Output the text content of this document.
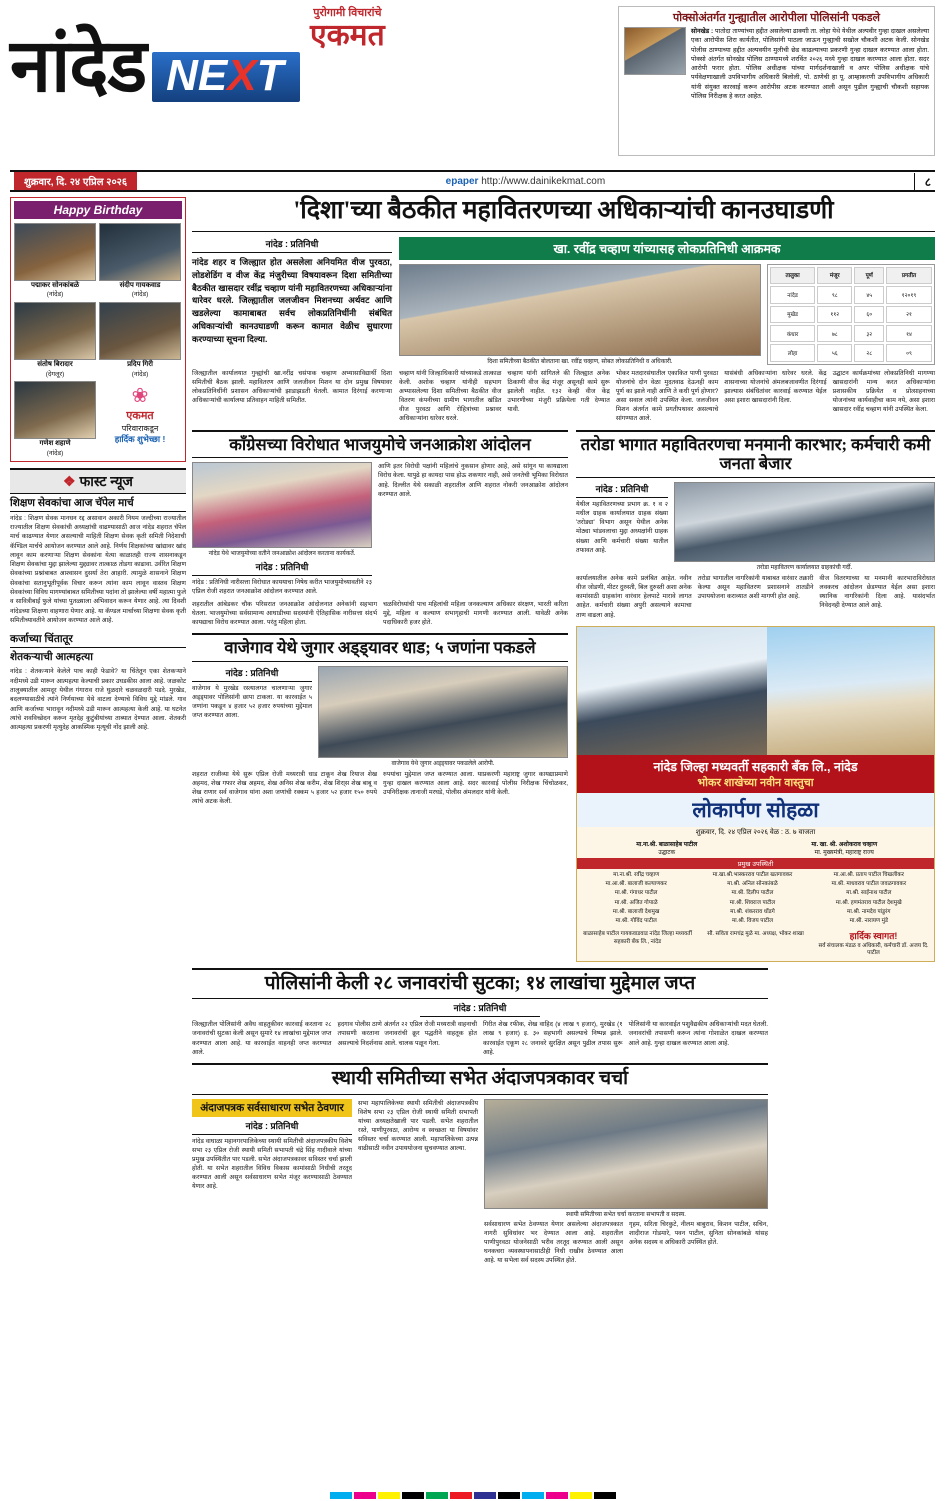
पुरोगामी विचारांचे
एकमत
नांदेड NEXT
पोक्सोअंतर्गत गुन्ह्यातील आरोपीला पोलिसांनी पकडले
सोनखेड : पातोदा ताण्यांच्या हद्दीत असलेल्या ढाक्याी ता. लोहा येथे येथील अल्पवीर गुन्हा दाखल असलेल्या एका आरोपीस शिरा कार्यतीत, पोलिसांनी पाठला जाऊन गुन्ह्याची सखोल चौकशी अटक केली. सोनखेड पोलीस ठाण्याच्या हद्दीत अल्पवयीन मुलीची छेड काढल्याच्या प्रकरणी गुन्हा दाखल करण्यात आला होता. पोक्सो अंतर्गत सोनखेड पोलिस ठाण्यामध्ये शरविंत २०२६ मध्ये गुन्हा दाखल करण्यात आला होता. सदर आरोपी फरार होता. पोलिस अधीक्षक यांच्या मार्गदर्शनाखाली व अपर पोलिस अधीक्षक यांचे पर्यवेक्षणाखाली उपविभागीय अधिकारी बिलोली, पो. ठाणेची हा पू. आम्हाकरणी उपविभागीय अधिकारी यांनी संयुक्त कारवाई करून आरोपीस अटक करण्यात आली असून पुढील गुन्ह्याची चौकशी सहायक पोलिस निरीक्षक हे करत आहेत.
शुक्रवार, दि. २४ एप्रिल २०२६	epaper http://www.dainikekmat.com	८
Happy Birthday
पद्माकर सोनकांबळे
(नांदेड)
संदीप गायकवाड
(नांदेड)
संतोष बिरादार
(देगलूर)
प्रदिप गिरी
(नांदेड)
गणेश शहाणे
(नांदेड)
❀
एकमत
परिवाराकडून
हार्दिक शुभेच्छा !
❖ फास्ट न्यूज
शिक्षण सेवकांचा आज चॅपेल मार्च
नांदेड : शिक्षण सेवक मानधन रद्द असावान अकारी नियम जल्दीच्या राज्यातील राज्यातील शिक्षण सेवकांची अध्यक्षांची वाढण्यासाठी आज नांदेड शहरात चॅपेल मार्च काढण्यात येणार असल्याची माहिती शिक्षण सेवक कृती समिती निदेशाची कॅण्डिल मार्चचे आयोजन करण्यात आले आहे. निर्णय शिक्षकांच्या खांद्यावर खांद लावून काम करणाऱ्या शिक्षण सेवकांना येत्या काळातही राज्य शासनाकडून शिक्षण सेवकांचा मुद्दा झालेल्या मुद्द्यावर तात्काळ तोडगा काढावा. उर्वरित शिक्षण सेवकांच्या प्रश्नांबाबत आश्वासन दुसर्या तेरा आहारी. त्यामुळे शासनाने शिक्षण सेवकांचा सतानुभूतीपूर्वक विचार करून त्यांना काम लावून वास्तव शिक्षण सेवकांच्या विविध मागण्यांबाबत समितीच्या पदांना तो झालेल्या वर्षी महात्मा फुले व सावित्रीबाईं फुले यांच्या पुतळ्याला अभिवादन करून येणार आहे. त्या दिवशी नांदेडच्या शिक्षणा वाहणारा येणार आहे. या कॅण्डल मार्चाच्या शिक्षणा सेवक कृती समितीच्यावतीने आयोजन करण्यात आले आहे.
कर्जाच्या चिंतातूर
शेतकऱ्याची आत्महत्या
नांदेड : शेतकऱ्याने केलेले पाच काही फेडावे? या चिंतेतून एका शेतकऱ्याने नदीमध्ये उडी मारून आत्महत्या केल्याची प्रकार उघडकीस आला आहे. जळकोट तालुक्यातील आमदूर येथील गंगाराव राजे घुळदारे चळवळदारी पडदे. मुरखेड, बदलण्यासाठीचे त्यांने निर्णयाच्या येथे वाटला देण्याचे विविध मुद्दे मांडले. गाव आणि कर्जाच्या भारावून नदीमध्ये उडी मारून आत्महत्या केली आहे. या घटनेत त्यांचे शवविच्छेदन करून मृतदेह कुटुंबीयांच्या ताब्यात देण्यात आला. शेतकरी आत्महत्या प्रकरणी मृत्युदेह आकस्मिक मृत्यूची नोंद झाली आहे.
'दिशा'च्या बैठकीत महावितरणच्या अधिकाऱ्यांची कानउघाडणी
नांदेड : प्रतिनिधी
नांदेड शहर व जिल्ह्यात होत असलेला अनियमित वीज पुरवठा, लोडशेडिंग व वीज केंद्र मंजुरीच्या विषयावरून दिशा समितीच्या बैठकीत खासदार रवींद्र चव्हाण यांनी महावितरणच्या अधिकाऱ्यांना धारेवर धरले. जिल्ह्यातील जलजीवन मिशनच्या अर्थवट आणि खडलेल्या कामाबाबत सर्वच लोकप्रतिनिधींनी संबंधित अधिकाऱ्यांची कानउघाडणी करून कामात वेळीच सुधारणा करण्याच्या सूचना दिल्या.
खा. रवींद्र चव्हाण यांच्यासह लोकप्रतिनिधी आक्रमक
दिशा समितीच्या बैठकीत बोलताना खा. रवींद्र चव्हाण, सोबत लोकप्रतिनिधी व अधिकारी.
तालुका	मंजूर	पूर्ण	प्रगतीत
नांदेड	९८	४५	१२०१९
मुखेड	११२	६०	२१
कंधार	७८	३२	१४
लोहा	५६	२८	०९
जिल्ह्यातील कार्यालयात गुन्ह्यांची खा.नरींद्र चसंपाक चव्हाण अभ्यासाविद्यार्थी दिशा समितीची बैठक झाली. महावितरण आणि जलजीवन मिशन या दोन प्रमुख विषयावर लोकप्रतिनिधींनी प्रशासन अधिकाऱ्यांची झाडाझडती घेतली. कामात दिरंगाई करणाऱ्या अधिकाऱ्यांची कार्यालया प्रतिवाहन माहिती समितीत.
चव्हाण यांनी जिल्हाधिकारी यांच्याकडे तात्काळ केली. अशोक चव्हाण यांनीही सहभाग अभ्यासलेल्या दिशा समितीच्या बैठकीत वीज वितरण कंपनीच्या ग्रामीण भागातील खंडित वीज पुरवठा आणि रोहित्रांच्या प्रश्नावर अधिकाऱ्यांना धारेवर धरले.
चव्हाण यांनी सांगितले की जिल्ह्यात अनेक ठिकाणी वीज केंद्र मंजूर असूनही कामे सुरू झालेली नाहीत. १३२ केव्ही वीज केंद्र उभारणीच्या मंजुरी प्रक्रियेला गती देण्यात यावी.
भोकर मतदारसंघातील एकाकित पाणी पुरवठा योजनांचे दोन वेळा मुदतवाढ देऊनही काम पूर्ण का झाले नाही आणि ते कधी पूर्ण होणार? असा सवाल त्यांनी उपस्थित केला. जलजीवन मिशन अंतर्गत कामे प्रगतीपथावर असल्याचे सांगण्यात आले.
यासंबंधी अधिकाऱ्यांना धारेवर धरले. केंद्र शासनाच्या योजनांचे अंमलबजावणीत दिरंगाई झाल्यास संबंधितांवर कारवाई करण्यात येईल असा इशारा खासदारांनी दिला.
उद्घाटन कार्यक्रमांच्या लोकप्रतिनिधी मागण्या खासदारांनी मान्य करत अधिकाऱ्यांना प्रशासकीय प्रक्रियेत व प्रोत्साहनाच्या योजनांच्या कार्यवाहीचा काम नये, असा इशारा खासदार रवींद्र चव्हाण यांनी उपस्थित केला.
काँग्रेसच्या विरोधात भाजयुमोचे जनआक्रोश आंदोलन
नांदेड येथे भाजयुमोच्या वतीने जनआक्रोश आंदोलन करताना कार्यकर्ते.
नांदेड : प्रतिनिधी
नांदेड : प्रतिनिधी नारीसत्ता विरोधात काययाचा निषेध करीत भाजयुमोच्यावतीने २३ एप्रिल रोजी शहरात जनआक्रोश आंदोलन करण्यात आले.
आणि इतर विरोधी पक्षांनी महिलांचे नुकसान होणार आहे, असे सांगून या कायद्याला विरोध केला. यापुढे हा कायदा पास होऊ शकणार नाही, असे जनतेची भूमिका विरोधात आहे. दिल्लीत येथे सकाळी शहरातील आणि शहरात नोकरी जनआक्रोश आंदोलन करण्यात आले.
शहरातील आंबेडकर चौक परिसरात जनआक्रोश आंदोलनात अनेकांनी सहभाग घेतला. भाजयुमोच्या सर्वसामान्य आघाडीच्या सदस्यांनी ऐतिहासिक नारीसत्ता संदर्भ कायद्याचा विरोध करण्यात आला. परंतु महिला होता.
चळविरोध्यांची पाच महिलांची महिला जनकल्याण अधिकार संरक्षण, भारती करिता मुद्दे, महिला व कल्याण सभागृहाची मागणी करण्यात आली. यावेळी अनेक पदाधिकारी हजर होते.
वाजेगाव येथे जुगार अड्ड्यावर धाड; ५ जणांना पकडले
नांदेड : प्रतिनिधी
वाजेगाव ये मुरखेड रस्त्यालगत चालणाऱ्या जुगार अड्ड्यावर पोलिसांनी छापा टाकला. या कारवाईत ५ जणांना पकडून ४ हजार ५२ हजार रुपयांच्या मुद्देमाल जप्त करण्यात आला.
वाजेगाव येथे जुगार अड्ड्यावर पकडलेले आरोपी.
शहरात राजीव्या येथे सुरू एप्रिल रोजी मध्यरात्री धाड टाकून शेख रियाज शेख अहमद, शेख गफार शेख अहमद, शेख अनिस शेख करीम, शेख शिरा्स शेख बाबू व शेख राणार सर्व वाजेगाव यांना अशा जणांची रक्कम ५ हजार ५२ हजार १५० रुपये त्यांचे अटक केली.
रुपयांचा मुद्देमाल जप्त करण्यात आला. याप्रकरणी महाराष्ट्र जुगार कायद्याप्रमाणे गुन्हा दाखल करण्यात आला आहे. सदर कारवाई पोलीस निरीक्षक चिंचोळकर, उपनिरीक्षक तानाजी मरघडे, पोलीस अंमलदार यांनी केली.
तरोडा भागात महावितरणचा मनमानी कारभार; कर्मचारी कमी जनता बेजार
नांदेड : प्रतिनिधी
येथील महावितरणच्या प्रभाग क्र. १ व २ मधील ग्राहक कार्यालयात ग्राहक संख्या 'तरोड्या' विभाग असून येथील अनेक मोठ्या भांडवलाचा मुद्दा अध्यक्षांनी ग्राहक संख्या आणि कर्मचारी संख्या यातील तफावत आहे.
तरोडा महावितरण कार्यालयात ग्राहकांची गर्दी.
कार्यालयातील अनेक कामे प्रलंबित आहेत. नवीन वीज जोडणी, मीटर दुरुस्ती, बिल दुरुस्ती अशा अनेक कामांसाठी ग्राहकांना वारंवार हेलपाटे मारावे लागत आहेत. कर्मचारी संख्या अपुरी असल्याने कामाचा ताण वाढला आहे.
तरोडा भागातील नागरिकांनी याबाबत वारंवार तक्रारी केल्या असून महावितरण प्रशासनाने तातडीने उपाययोजना कराव्यात अशी मागणी होत आहे.
वीज वितरणाच्या या मनमानी कारभाराविरोधात लवकरच आंदोलन छेडण्यात येईल असा इशारा स्थानिक नागरिकांनी दिला आहे. यासंदर्भात निवेदनही देण्यात आले आहे.
नांदेड जिल्हा मध्यवर्ती सहकारी बँक लि., नांदेड
भोकर शाखेच्या नवीन वास्तुचा
लोकार्पण सोहळा
शुक्रवार, दि. २४ एप्रिल २०२६ वेळ : ठ. ७ वाजता
मा.ना.श्री. बाळासाहेब पाटील
उद्घाटक
मा. खा. श्री. अशोकराव चव्हाण
मा. मुख्यमंत्री, महाराष्ट्र राज्य
प्रमुख उपस्थिती
मा.ना.श्री. रवींद्र चव्हाण	मा.खा.श्री.भास्करराव पाटील खतगावकर	मा.आ.श्री. प्रताप पाटील चिखलीकर
मा.आ.श्री. बालाजी कल्याणकर	मा.श्री. अनिल सोनकांबळे	मा.श्री. माधवराव पाटील जवळगावकर
मा.श्री. गंगाधर पाटील	मा.श्री. दिलीप पाटील	मा.श्री. साईनाथ पाटील
मा.श्री. अजित गोपाळे	मा.श्री. शिवराज पाटील	मा.श्री. हणमंतराव पाटील देशमुखे
मा.श्री. बालाजी देशमुख	मा.श्री. शंकरराव धोंडगे	मा.श्री. नामदेव पांडुरंग
मा.श्री. गोविंद पाटील	मा.श्री. विजय पाटील	मा.श्री. नारायण मुंडे
बाळासाहेब पाटील गायकवाडवाड नांदेड जिल्हा मध्यवर्ती सहकारी बँक लि., नांदेड
सौ. सविता रामचंद्र मुळे मा. अध्यक्ष, भोकर शाखा	हार्दिक स्वागत!
सर्व संचालक मंडळ व अधिकारी, कर्मचारी डॉ. अजय दि. पाटील
पोलिसांनी केली २८ जनावरांची सुटका; १४ लाखांचा मुद्देमाल जप्त
नांदेड : प्रतिनिधी
जिल्ह्यातील पोलिसांनी अवैध वाहतुकीवर कारवाई करताना २८ जनावरांची सुटका केली असून सुमारे १४ लाखांचा मुद्देमाल जप्त करण्यात आला आहे. या कारवाईत वाहनही जप्त करण्यात आले.
हदगाव पोलीस ठाणे अंतर्गत २२ एप्रिल रोजी मध्यरात्री वाहनाची तपासणी करताना जनावरांची क्रूर पद्धतीने वाहतूक होत असल्याचे निदर्शनास आले. चालक पळून गेला.
गिरीत शेख रफीक, शेख वाहिद (४ लाख ९ हजार), मुरखेड (१ लाख ९ हजार) इ. ३० सहभागी असल्याचे निष्पन्न झाले. कारवाईत एकूण २८ जनावरे सुरक्षित असून पुढील तपास सुरू आहे.
पोलिसांनी या कारवाईत पशुवैद्यकीय अधिकाऱ्यांची मदत घेतली. जनावरांची तपासणी करून त्यांना गोशाळेत दाखल करण्यात आले आहे. गुन्हा दाखल करण्यात आला आहे.
स्थायी समितीच्या सभेत अंदाजपत्रकावर चर्चा
अंदाजपत्रक सर्वसाधारण सभेत ठेवणार
नांदेड : प्रतिनिधी
नांदेड वाघाळा महानगरपालिकेच्या स्थायी समितीची अंदाजपत्रकीय विशेष सभा २३ एप्रिल रोजी स्थायी समिती सभापती चंद्रे सिंह गादीवाले यांच्या प्रमुख उपस्थितीत पार पडली. सभेत अंदाजपत्रकावर सविस्तर चर्चा झाली होती. या सभेत शहरातील विविध विकास कामांसाठी निधीची तरतूद करण्यात आली असून सर्वसाधारण सभेत मंजूर करण्यासाठी ठेवण्यात येणार आहे.
सभा महापालिकेच्या स्थायी समितीची अंदाजपत्रकीय विशेष सभा २३ एप्रिल रोजी स्थायी समिती सभापती यांच्या अध्यक्षतेखाली पार पडली. सभेत शहरातील रस्ते, पाणीपुरवठा, आरोग्य व स्वच्छता या विषयांवर सविस्तर चर्चा करण्यात आली. महापालिकेच्या उत्पन्न वाढीसाठी नवीन उपाययोजना सुचवण्यात आल्या.
स्थायी समितीच्या सभेत चर्चा करताना सभापती व सदस्य.
सर्वसाधारण सभेत ठेवण्यात येणार असलेल्या अंदाजपत्रकात नागरी सुविधांवर भर देण्यात आला आहे. शहरातील पाणीपुरवठा योजनेसाठी भरीव तरतूद करण्यात आली असून घनकचरा व्यवस्थापनासाठीही निधी राखीव ठेवण्यात आला आहे. या सभेला सर्व सदस्य उपस्थित होते.
गृहम, सरिता चिरकुटे, नीलम बाबुराव, किशन पाटील, सचिन, शादीराज गोडमारे, पवन पाटील, सुनिता सोनकांबळे यांसह अनेक सदस्य व अधिकारी उपस्थित होते.
